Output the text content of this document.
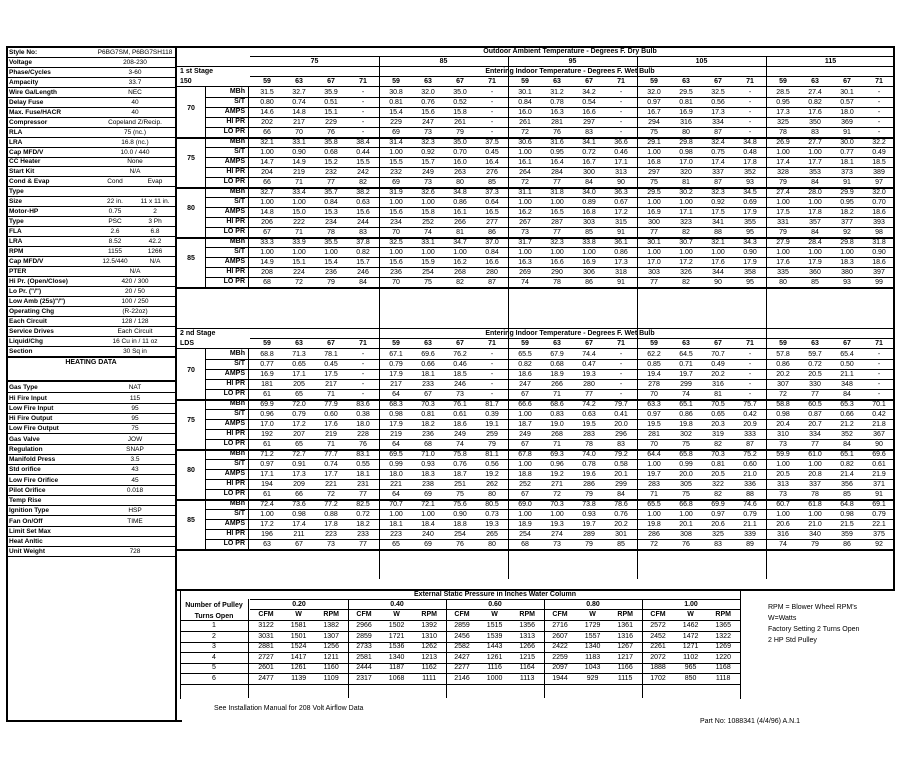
Style No:	P6BG7SM, P6BG7SH118
Voltage	208-230
Phase/Cycles	3-60
Ampacity	33.7
Wire Ga/Length	NEC
Delay Fuse	40
Max. Fuse/HACR	40
Compressor	Copeland Z/Recip.
RLA	75 (nc.)
LRA	16.8 (nc.)
Cap MFD/V	10.0 / 440
CC Heater	None
Start Kit	N/A
Cond & Evap	Cond	Evap
Type
Size	22 in.	11 x 11 in.
Motor-HP	0.75	2
Type	PSC	3 Ph
FLA	2.6	6.8
LRA	8.52	42.2
RPM	1155	1266
Cap MFD/V	12.5/440	N/A
PTER	N/A
Hi Pr. (Open/Close)	420 / 300
Lo Pr. ("/")	20 / 50
Low Amb (25s)"/")	100 / 250
Operating Chg	(R-22oz)
Each Circuit	128 / 128
Service Drives	Each Circuit
Liquid/Chg	16 Cu in / 11 oz
Section	30 Sq in
HEATING DATA
Gas Type	NAT
Hi Fire Input	115
Low Fire Input	95
Hi Fire Output	95
Low Fire Output	75
Gas Valve	JOW
Regulation	SNAP
Manifold Press	3.5
Std orifice	43
Low Fire Orifice	45
Pilot Orifice	0.018
Temp Rise
Ignition Type	HSP
Fan On/Off	TIME
Limit Set Max
Heat Anltic
Unit Weight	728
Outdoor Ambient Temperature - Degrees F. Dry Bulb
75	85	95	105	115
1 st Stage
150
Entering Indoor Temperature - Degrees F. Wet Bulb
59	63	67	71	59	63	67	71	59	63	67	71	59	63	67	71	59	63	67	71
70
MBh	31.5	32.7	35.9	-	30.8	32.0	35.0	-	30.1	31.2	34.2	-	32.0	29.5	32.5	-	28.5	27.4	30.1	-
S/T	0.80	0.74	0.51	-	0.81	0.76	0.52	-	0.84	0.78	0.54	-	0.97	0.81	0.56	-	0.95	0.82	0.57	-
AMPS	14.6	14.8	15.1	-	15.4	15.6	15.8	-	16.0	16.3	16.6	-	16.7	16.9	17.3	-	17.3	17.6	18.0	-
HI PR	202	217	229	-	229	247	261	-	261	281	297	-	294	316	334	-	325	350	369	-
LO PR	66	70	76	-	69	73	79	-	72	76	83	-	75	80	87	-	78	83	91	-
75
MBh	32.1	33.1	35.8	38.4	31.4	32.3	35.0	37.5	30.6	31.6	34.1	36.6	29.1	29.8	32.4	34.8	26.9	27.7	30.0	32.2
S/T	1.00	0.90	0.68	0.44	1.00	0.92	0.70	0.45	1.00	0.95	0.72	0.46	1.00	0.98	0.75	0.48	1.00	1.00	0.77	0.49
AMPS	14.7	14.9	15.2	15.5	15.5	15.7	16.0	16.4	16.1	16.4	16.7	17.1	16.8	17.0	17.4	17.8	17.4	17.7	18.1	18.5
HI PR	204	219	232	242	232	249	263	276	264	284	300	313	297	320	337	352	328	353	373	389
LO PR	66	71	77	82	69	73	80	85	72	77	84	90	75	81	87	93	79	84	91	97
80
MBh	32.7	33.4	35.7	38.2	31.9	32.6	34.8	37.3	31.1	31.8	34.0	36.3	29.5	30.2	32.3	34.5	27.4	28.0	29.9	32.0
S/T	1.00	1.00	0.84	0.63	1.00	1.00	0.86	0.64	1.00	1.00	0.89	0.67	1.00	1.00	0.92	0.69	1.00	1.00	0.95	0.70
AMPS	14.8	15.0	15.3	15.6	15.6	15.8	16.1	16.5	16.2	16.5	16.8	17.2	16.9	17.1	17.5	17.9	17.5	17.8	18.2	18.6
HI PR	206	222	234	244	234	252	266	277	267	287	303	315	300	323	341	355	331	357	377	393
LO PR	67	71	78	83	70	74	81	86	73	77	85	91	77	82	88	95	79	84	92	98
85
MBh	33.3	33.9	35.5	37.8	32.5	33.1	34.7	37.0	31.7	32.3	33.8	36.1	30.1	30.7	32.1	34.3	27.9	28.4	29.8	31.8
S/T	1.00	1.00	1.00	0.82	1.00	1.00	1.00	0.84	1.00	1.00	1.00	0.86	1.00	1.00	1.00	0.90	1.00	1.00	1.00	0.90
AMPS	14.9	15.1	15.4	15.7	15.6	15.9	16.2	16.6	16.3	16.6	16.9	17.3	17.0	17.2	17.6	17.9	17.6	17.9	18.3	18.6
HI PR	208	224	236	246	236	254	268	280	269	290	306	318	303	326	344	358	335	360	380	397
LO PR	68	72	79	84	70	75	82	87	74	78	86	91	77	82	90	95	80	85	93	99
2 nd Stage
LDS
Entering Indoor Temperature - Degrees F. Wet Bulb
59	63	67	71	59	63	67	71	59	63	67	71	59	63	67	71	59	63	67	71
70
MBh	68.8	71.3	78.1	-	67.1	69.6	76.2	-	65.5	67.9	74.4	-	62.2	64.5	70.7	-	57.8	59.7	65.4	-
S/T	0.77	0.65	0.45	-	0.79	0.66	0.46	-	0.82	0.68	0.47	-	0.85	0.71	0.49	-	0.86	0.72	0.50	-
AMPS	16.9	17.1	17.5	-	17.9	18.1	18.5	-	18.6	18.9	19.3	-	19.4	19.7	20.2	-	20.2	20.5	21.1	-
HI PR	181	205	217	-	217	233	246	-	247	266	280	-	278	299	316	-	307	330	348	-
LO PR	61	65	71	-	64	67	73	-	67	71	77	-	70	74	81	-	72	77	84	-
75
MBh	69.9	72.0	77.9	83.6	68.3	70.3	76.1	81.7	66.6	68.6	74.2	79.7	63.3	65.1	70.5	75.7	58.8	60.5	65.3	70.1
S/T	0.96	0.79	0.60	0.38	0.98	0.81	0.61	0.39	1.00	0.83	0.63	0.41	0.97	0.86	0.65	0.42	0.98	0.87	0.66	0.42
AMPS	17.0	17.2	17.6	18.0	17.9	18.2	18.6	19.1	18.7	19.0	19.5	20.0	19.5	19.8	20.3	20.9	20.4	20.7	21.2	21.8
HI PR	192	207	219	228	219	236	249	259	249	268	283	296	281	302	319	333	310	334	352	367
LO PR	61	65	71	76	64	68	74	79	67	71	78	83	70	75	82	87	73	77	84	90
80
MBh	71.2	72.7	77.7	83.1	69.5	71.0	75.8	81.1	67.8	69.3	74.0	79.2	64.4	65.8	70.3	75.2	59.9	61.0	65.1	69.6
S/T	0.97	0.91	0.74	0.55	0.99	0.93	0.76	0.56	1.00	0.96	0.78	0.58	1.00	0.99	0.81	0.60	1.00	1.00	0.82	0.61
AMPS	17.1	17.3	17.7	18.1	18.0	18.3	18.7	19.2	18.8	19.2	19.6	20.1	19.7	20.0	20.5	21.0	20.5	20.8	21.4	21.9
HI PR	194	209	221	231	221	238	251	262	252	271	286	299	283	305	322	336	313	337	356	371
LO PR	61	66	72	77	64	69	75	80	67	72	79	84	71	75	82	88	73	78	85	91
85
MBh	72.4	73.6	77.2	82.5	70.7	72.1	75.6	80.5	69.0	70.3	73.8	78.6	65.5	66.8	69.9	74.6	60.7	61.8	64.8	69.1
S/T	1.00	0.98	0.88	0.72	1.00	1.00	0.90	0.73	1.00	1.00	0.93	0.76	1.00	1.00	0.97	0.79	1.00	1.00	0.98	0.79
AMPS	17.2	17.4	17.8	18.2	18.1	18.4	18.8	19.3	18.9	19.3	19.7	20.2	19.8	20.1	20.6	21.1	20.6	21.0	21.5	22.1
HI PR	196	211	223	233	223	240	254	265	254	274	289	301	286	308	325	339	316	340	359	375
LO PR	63	67	73	77	65	69	76	80	68	73	79	85	72	76	83	89	74	79	86	92
External Static Pressure in Inches Water Column
Number of Pulley
Turns Open
0.20	0.40	0.60	0.80	1.00
CFM	W	RPM	CFM	W	RPM	CFM	W	RPM	CFM	W	RPM	CFM	W	RPM
1	3122	1581	1382	2966	1502	1392	2859	1515	1356	2716	1729	1361	2572	1462	1365
2	3031	1501	1307	2859	1721	1310	2456	1539	1313	2607	1557	1316	2452	1472	1322
3	2881	1524	1256	2733	1536	1262	2582	1443	1266	2422	1340	1267	2261	1271	1269
4	2727	1417	1211	2581	1340	1213	2427	1261	1215	2259	1183	1217	2072	1102	1220
5	2601	1261	1160	2444	1187	1162	2277	1116	1164	2097	1043	1166	1888	965	1168
6	2477	1139	1109	2317	1068	1111	2146	1000	1113	1944	929	1115	1702	850	1118
RPM = Blower Wheel RPM's
W=Watts
Factory Setting 2 Turns Open
2 HP Std Pulley
See Installation Manual for 208 Volt Airflow Data
Part No: 1088341 (4/4/96) A.N.1
